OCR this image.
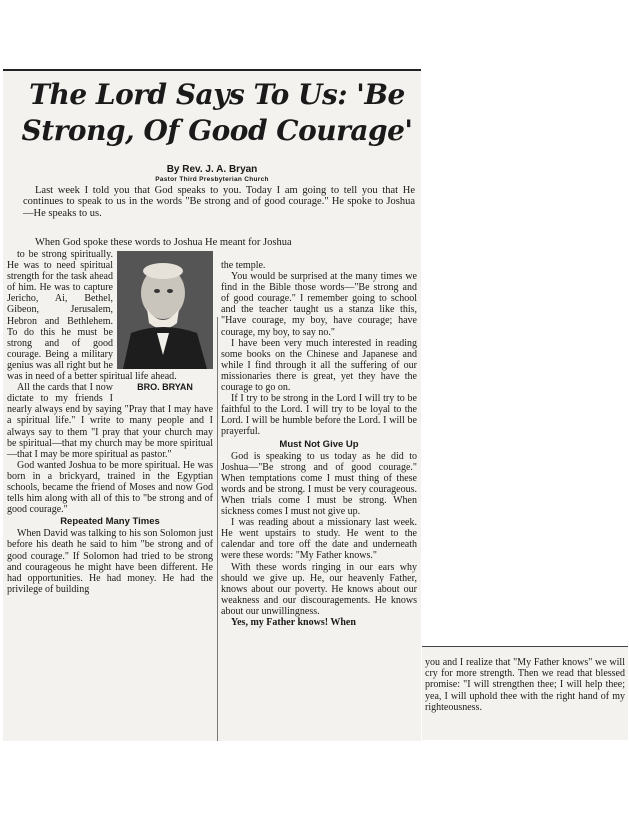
The Lord Says To Us: 'Be Strong, Of Good Courage'
By Rev. J. A. Bryan
Pastor Third Presbyterian Church
Last week I told you that God speaks to you. Today I am going to tell you that He continues to speak to us in the words "Be strong and of good courage." He spoke to Joshua—He speaks to us.
When God spoke these words to Joshua He meant for Joshua

to be strong spiritually. He was to need spiritual strength for the task ahead of him. He was to capture Jericho, Ai, Bethel, Gibeon, Jerusalem, Hebron and Bethlehem. To do this he must be strong and of good courage. Being a military genius was all right but he was in need of a better spiritual life ahead.

BRO. BRYAN

All the cards that I now dictate to my friends I nearly always end by saying "Pray that I may have a spiritual life." I write to many people and I always say to them "I pray that your church may be spiritual—that my church may be more spiritual—that I may be more spiritual as pastor."

God wanted Joshua to be more spiritual. He was born in a brickyard, trained in the Egyptian schools, became the friend of Moses and now God tells him along with all of this to "be strong and of good courage."

Repeated Many Times

When David was talking to his son Solomon just before his death he said to him "be strong and of good courage." If Solomon had tried to be strong and courageous he might have been different. He had opportunities. He had money. He had the privilege of building

the temple.

You would be surprised at the many times we find in the Bible those words—"Be strong and of good courage." I remember going to school and the teacher taught us a stanza like this, "Have courage, my boy, have courage; have courage, my boy, to say no."

I have been very much interested in reading some books on the Chinese and Japanese and while I find through it all the suffering of our missionaries there is great, yet they have the courage to go on.

If I try to be strong in the Lord I will try to be faithful to the Lord. I will try to be loyal to the Lord. I will be humble before the Lord. I will be prayerful.

Must Not Give Up

God is speaking to us today as he did to Joshua—"Be strong and of good courage." When temptations come I must thing of these words and be strong. I must be very courageous. When trials come I must be strong. When sickness comes I must not give up.

I was reading about a missionary last week. He went upstairs to study. He went to the calendar and tore off the date and underneath were these words: "My Father knows."

With these words ringing in our ears why should we give up. He, our heavenly Father, knows about our poverty. He knows about our weakness and our discouragements. He knows about our unwillingness.

Yes, my Father knows! When

you and I realize that "My Father knows" we will cry for more strength. Then we read that blessed promise: "I will strengthen thee; I will help thee; yea, I will uphold thee with the right hand of my righteousness.
